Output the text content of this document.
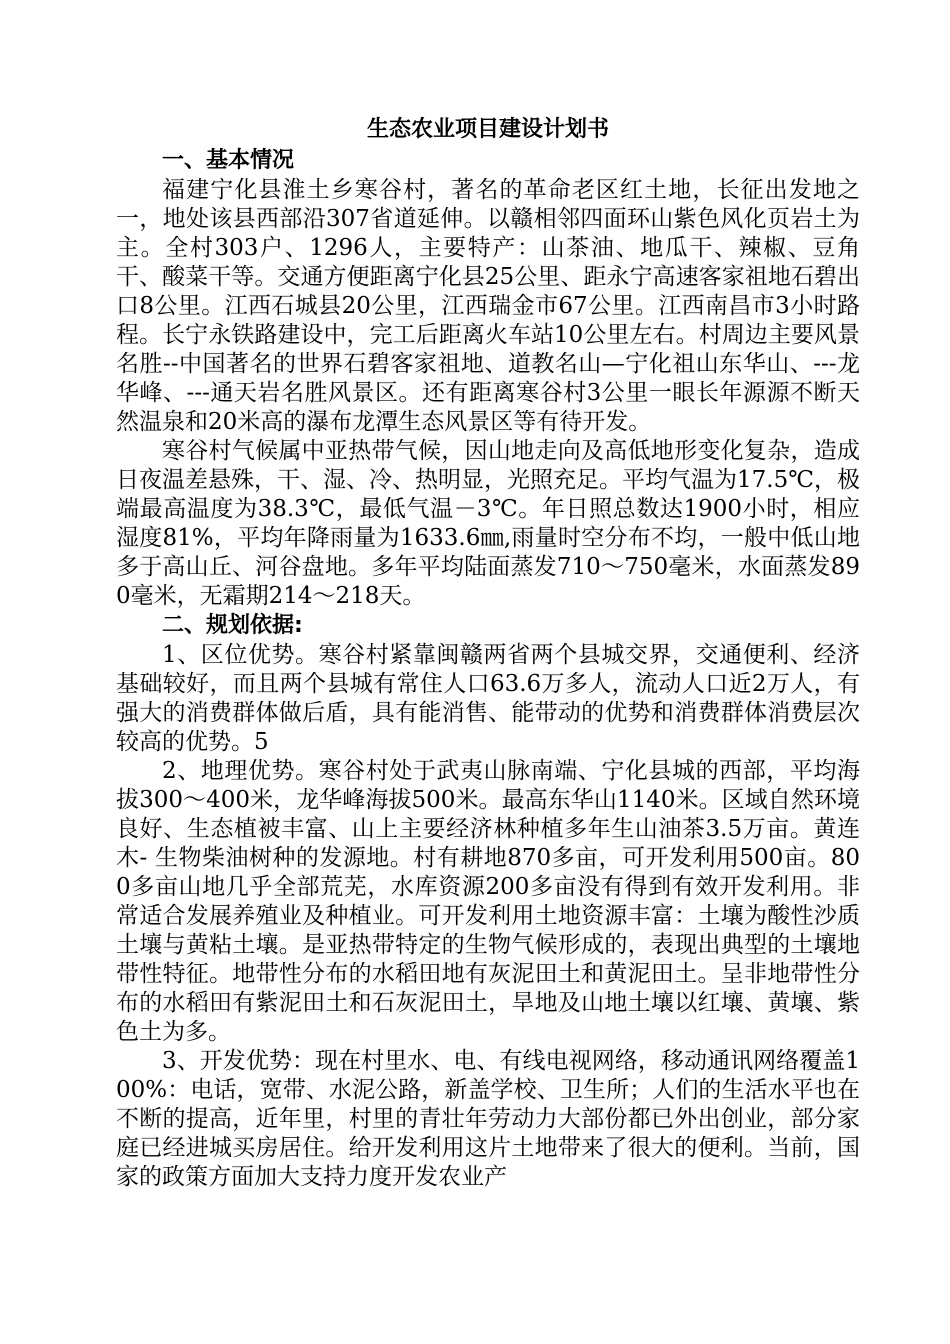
生态农业项目建设计划书
一、基本情况

福建宁化县淮土乡寒谷村，著名的革命老区红土地，长征出发地之一，地处该县西部沿307省道延伸。以赣相邻四面环山紫色风化页岩土为主。全村303户、1296人，主要特产：山茶油、地瓜干、辣椒、豆角干、酸菜干等。交通方便距离宁化县25公里、距永宁高速客家祖地石碧出口8公里。江西石城县20公里，江西瑞金市67公里。江西南昌市3小时路程。长宁永铁路建设中，完工后距离火车站10公里左右。村周边主要风景名胜--中国著名的世界石碧客家祖地、道教名山—宁化祖山东华山、---龙华峰、---通天岩名胜风景区。还有距离寒谷村3公里一眼长年源源不断天然温泉和20米高的瀑布龙潭生态风景区等有待开发。

寒谷村气候属中亚热带气候，因山地走向及高低地形变化复杂，造成日夜温差悬殊，干、湿、冷、热明显，光照充足。平均气温为17.5℃，极端最高温度为38.3℃，最低气温－3℃。年日照总数达1900小时，相应湿度81%，平均年降雨量为1633.6㎜,雨量时空分布不均，一般中低山地多于高山丘、河谷盘地。多年平均陆面蒸发710～750毫米，水面蒸发890毫米，无霜期214～218天。

二、规划依据:

1、区位优势。寒谷村紧靠闽赣两省两个县城交界，交通便利、经济基础较好，而且两个县城有常住人口63.6万多人，流动人口近2万人，有强大的消费群体做后盾，具有能消售、能带动的优势和消费群体消费层次较高的优势。5

2、地理优势。寒谷村处于武夷山脉南端、宁化县城的西部，平均海拔300～400米，龙华峰海拔500米。最高东华山1140米。区域自然环境良好、生态植被丰富、山上主要经济林种植多年生山油茶3.5万亩。黄连木- 生物柴油树种的发源地。村有耕地870多亩，可开发利用500亩。800多亩山地几乎全部荒芜，水库资源200多亩没有得到有效开发利用。非常适合发展养殖业及种植业。可开发利用土地资源丰富：土壤为酸性沙质土壤与黄粘土壤。是亚热带特定的生物气候形成的，表现出典型的土壤地带性特征。地带性分布的水稻田地有灰泥田土和黄泥田土。呈非地带性分布的水稻田有紫泥田土和石灰泥田土，旱地及山地土壤以红壤、黄壤、紫色土为多。

3、开发优势：现在村里水、电、有线电视网络，移动通讯网络覆盖100%：电话，宽带、水泥公路，新盖学校、卫生所；人们的生活水平也在不断的提高，近年里，村里的青壮年劳动力大部份都已外出创业，部分家庭已经进城买房居住。给开发利用这片土地带来了很大的便利。当前，国家的政策方面加大支持力度开发农业产
